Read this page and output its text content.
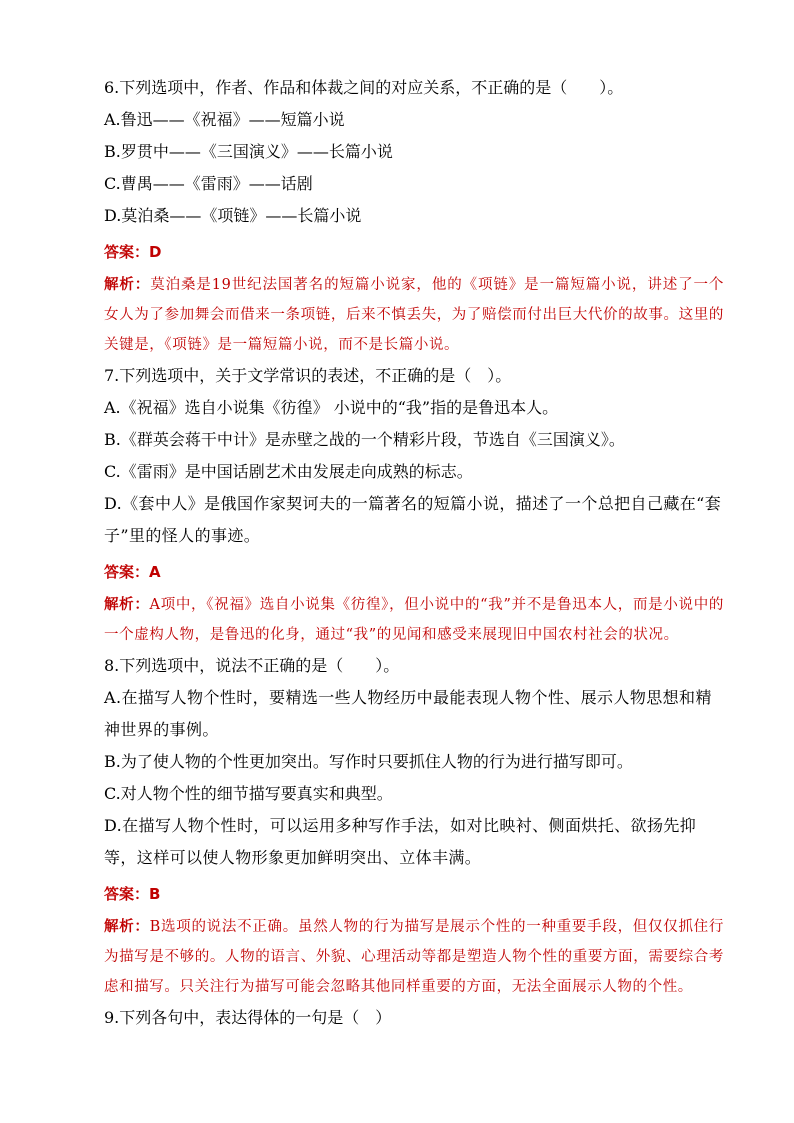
6.下列选项中，作者、作品和体裁之间的对应关系，不正确的是（　　）。
A.鲁迅——《祝福》——短篇小说
B.罗贯中——《三国演义》——长篇小说
C.曹禺——《雷雨》——话剧
D.莫泊桑——《项链》——长篇小说
答案：D
解析：莫泊桑是19世纪法国著名的短篇小说家，他的《项链》是一篇短篇小说，讲述了一个女人为了参加舞会而借来一条项链，后来不慎丢失，为了赔偿而付出巨大代价的故事。这里的关键是，《项链》是一篇短篇小说，而不是长篇小说。
7.下列选项中，关于文学常识的表述，不正确的是（　）。
A.《祝福》选自小说集《彷徨》 小说中的“我”指的是鲁迅本人。
B.《群英会蒋干中计》是赤壁之战的一个精彩片段，节选自《三国演义》。
C.《雷雨》是中国话剧艺术由发展走向成熟的标志。
D.《套中人》是俄国作家契诃夫的一篇著名的短篇小说，描述了一个总把自己藏在“套子”里的怪人的事迹。
答案：A
解析：A项中，《祝福》选自小说集《彷徨》，但小说中的“我”并不是鲁迅本人，而是小说中的一个虚构人物，是鲁迅的化身，通过“我”的见闻和感受来展现旧中国农村社会的状况。
8.下列选项中，说法不正确的是（　　）。
A.在描写人物个性时，要精选一些人物经历中最能表现人物个性、展示人物思想和精神世界的事例。
B.为了使人物的个性更加突出。写作时只要抓住人物的行为进行描写即可。
C.对人物个性的细节描写要真实和典型。
D.在描写人物个性时，可以运用多种写作手法，如对比映衬、侧面烘托、欲扬先抑等，这样可以使人物形象更加鲜明突出、立体丰满。
答案：B
解析：B选项的说法不正确。虽然人物的行为描写是展示个性的一种重要手段，但仅仅抓住行为描写是不够的。人物的语言、外貌、心理活动等都是塑造人物个性的重要方面，需要综合考虑和描写。只关注行为描写可能会忽略其他同样重要的方面，无法全面展示人物的个性。
9.下列各句中，表达得体的一句是（　）
